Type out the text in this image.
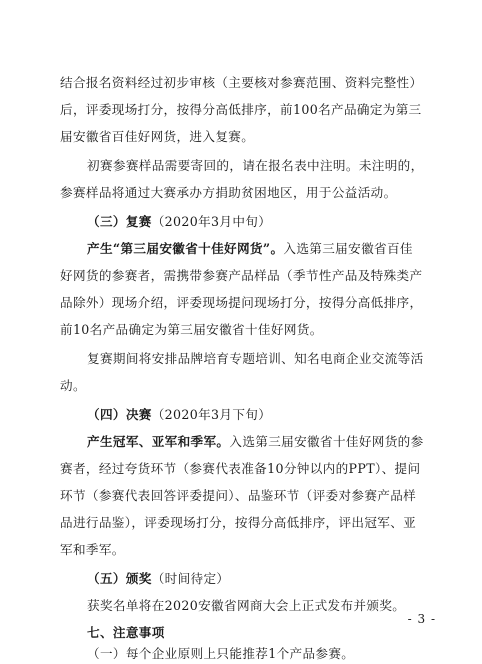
结合报名资料经过初步审核（主要核对参赛范围、资料完整性）
后，评委现场打分，按得分高低排序，前100名产品确定为第三
届安徽省百佳好网货，进入复赛。
初赛参赛样品需要寄回的，请在报名表中注明。未注明的，
参赛样品将通过大赛承办方捐助贫困地区，用于公益活动。
（三）复赛（2020年3月中旬）
产生“第三届安徽省十佳好网货”。入选第三届安徽省百佳
好网货的参赛者，需携带参赛产品样品（季节性产品及特殊类产
品除外）现场介绍，评委现场提问现场打分，按得分高低排序，
前10名产品确定为第三届安徽省十佳好网货。
复赛期间将安排品牌培育专题培训、知名电商企业交流等活
动。
（四）决赛（2020年3月下旬）
产生冠军、亚军和季军。入选第三届安徽省十佳好网货的参
赛者，经过夸货环节（参赛代表准备10分钟以内的PPT）、提问
环节（参赛代表回答评委提问）、品鉴环节（评委对参赛产品样
品进行品鉴），评委现场打分，按得分高低排序，评出冠军、亚
军和季军。
（五）颁奖（时间待定）
获奖名单将在2020安徽省网商大会上正式发布并颁奖。
七、注意事项
（一）每个企业原则上只能推荐1个产品参赛。
- 3 -
